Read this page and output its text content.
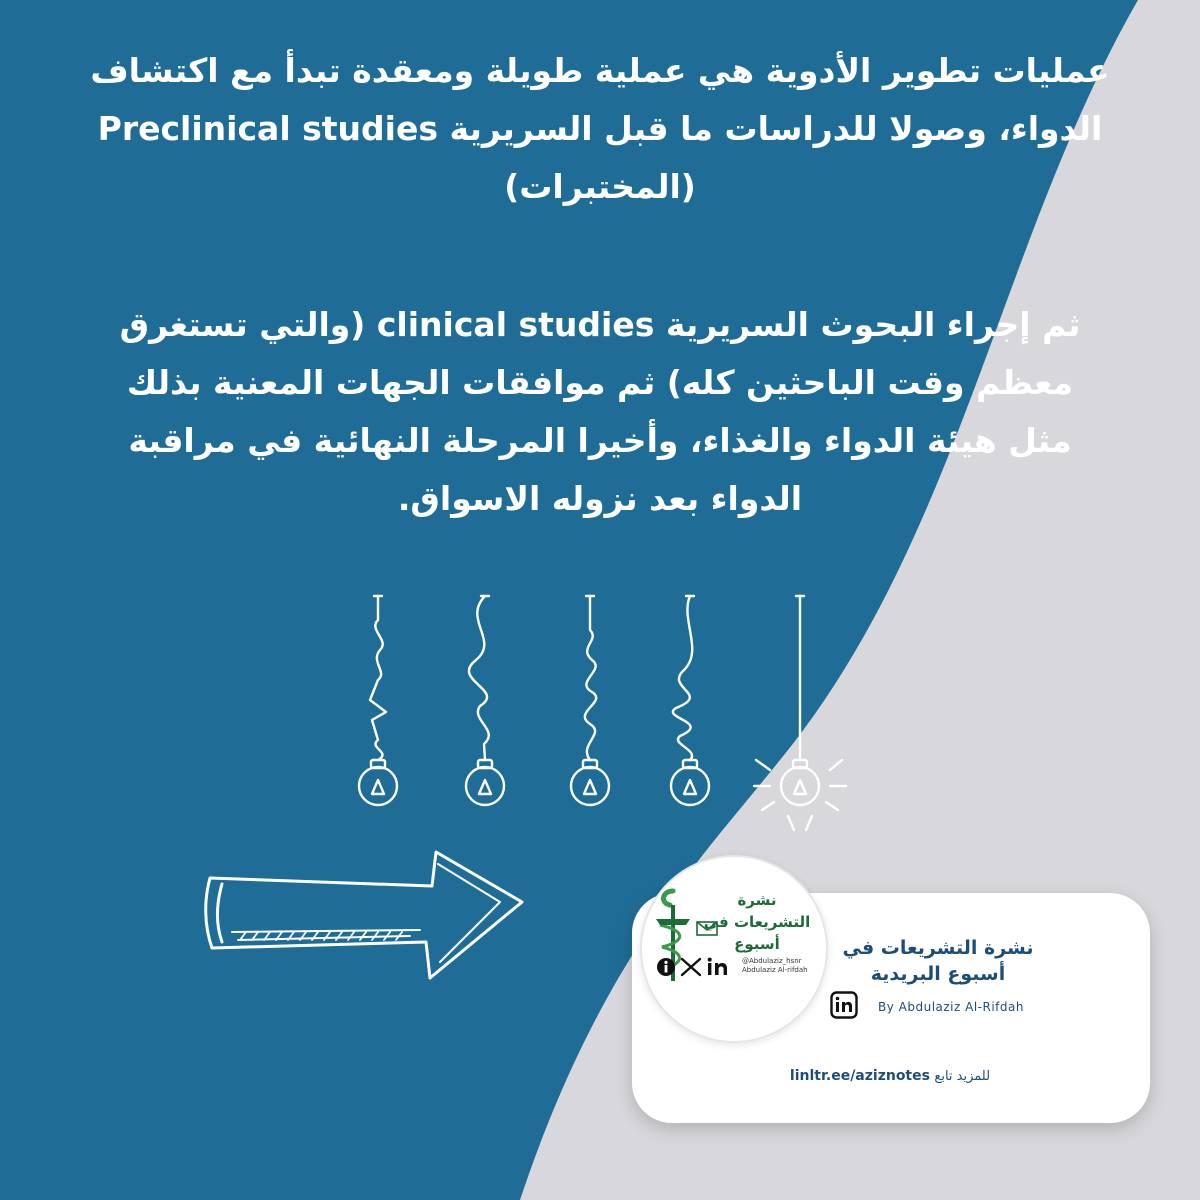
عمليات تطوير الأدوية هي عملية طويلة ومعقدة تبدأ مع اكتشاف الدواء، وصولا للدراسات ما قبل السريرية Preclinical studies (المختبرات)
ثم إجراء البحوث السريرية clinical studies (والتي تستغرق معظم وقت الباحثين كله) ثم موافقات الجهات المعنية بذلك مثل هيئة الدواء والغذاء، وأخيرا المرحلة النهائية في مراقبة الدواء بعد نزوله الاسواق.
نشرة التشريعات في أسبوع
@Abdulaziz_hsnr Abdulaziz Al-rifdah
نشرة التشريعات في أسبوع البريدية
By Abdulaziz Al-Rifdah
للمزيد تابع linltr.ee/aziznotes
